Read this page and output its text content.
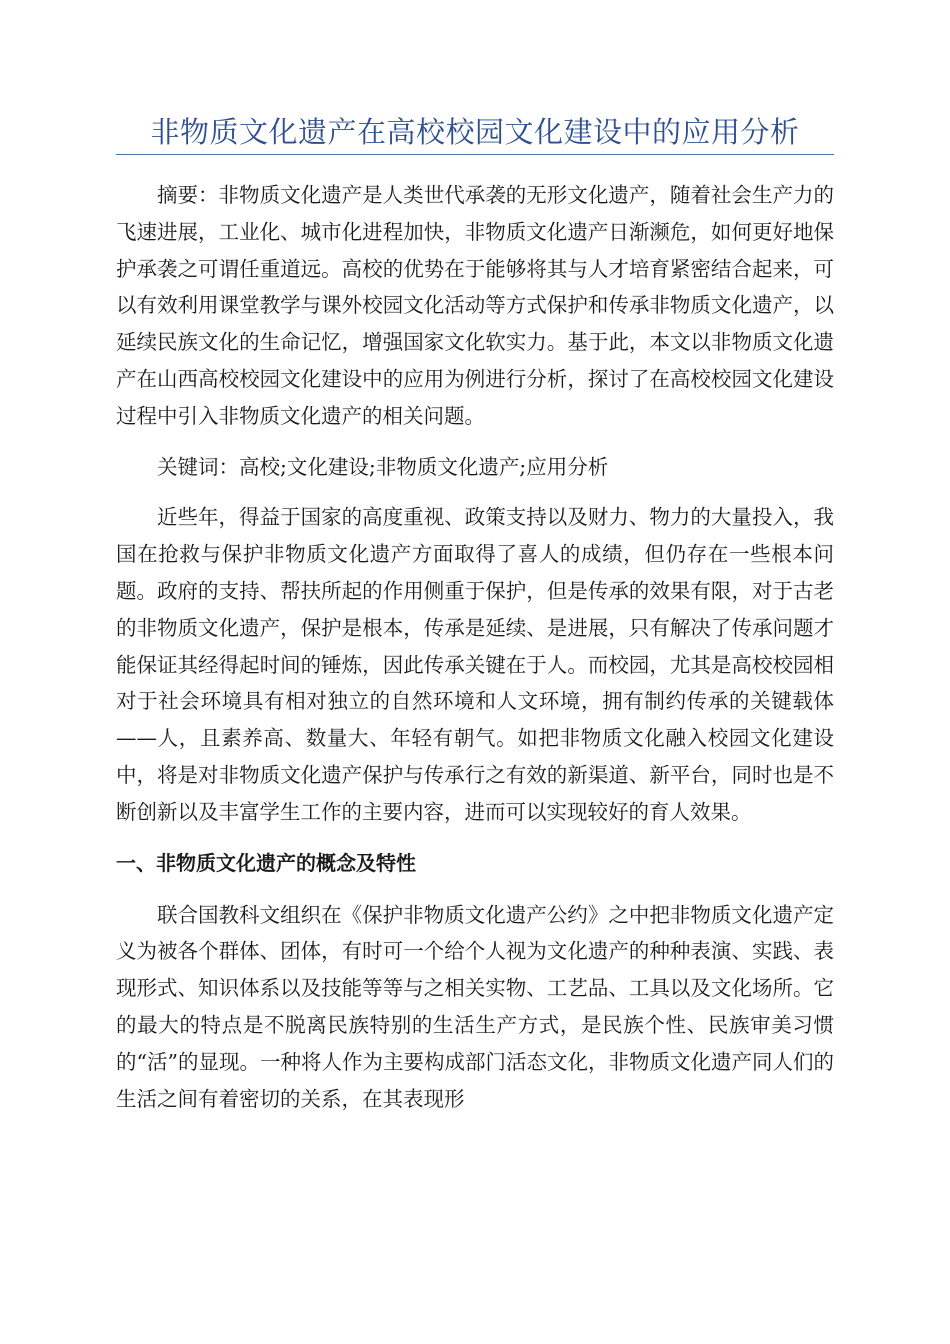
非物质文化遗产在高校校园文化建设中的应用分析

摘要：非物质文化遗产是人类世代承袭的无形文化遗产，随着社会生产力的飞速进展，工业化、城市化进程加快，非物质文化遗产日渐濒危，如何更好地保护承袭之可谓任重道远。高校的优势在于能够将其与人才培育紧密结合起来，可以有效利用课堂教学与课外校园文化活动等方式保护和传承非物质文化遗产，以延续民族文化的生命记忆，增强国家文化软实力。基于此，本文以非物质文化遗产在山西高校校园文化建设中的应用为例进行分析，探讨了在高校校园文化建设过程中引入非物质文化遗产的相关问题。

关键词：高校;文化建设;非物质文化遗产;应用分析

近些年，得益于国家的高度重视、政策支持以及财力、物力的大量投入，我国在抢救与保护非物质文化遗产方面取得了喜人的成绩，但仍存在一些根本问题。政府的支持、帮扶所起的作用侧重于保护，但是传承的效果有限，对于古老的非物质文化遗产，保护是根本，传承是延续、是进展，只有解决了传承问题才能保证其经得起时间的锤炼，因此传承关键在于人。而校园，尤其是高校校园相对于社会环境具有相对独立的自然环境和人文环境，拥有制约传承的关键载体——人，且素养高、数量大、年轻有朝气。如把非物质文化融入校园文化建设中，将是对非物质文化遗产保护与传承行之有效的新渠道、新平台，同时也是不断创新以及丰富学生工作的主要内容，进而可以实现较好的育人效果。

一、非物质文化遗产的概念及特性

联合国教科文组织在《保护非物质文化遗产公约》之中把非物质文化遗产定义为被各个群体、团体，有时可一个给个人视为文化遗产的种种表演、实践、表现形式、知识体系以及技能等等与之相关实物、工艺品、工具以及文化场所。它的最大的特点是不脱离民族特别的生活生产方式，是民族个性、民族审美习惯的“活”的显现。一种将人作为主要构成部门活态文化，非物质文化遗产同人们的生活之间有着密切的关系，在其表现形
